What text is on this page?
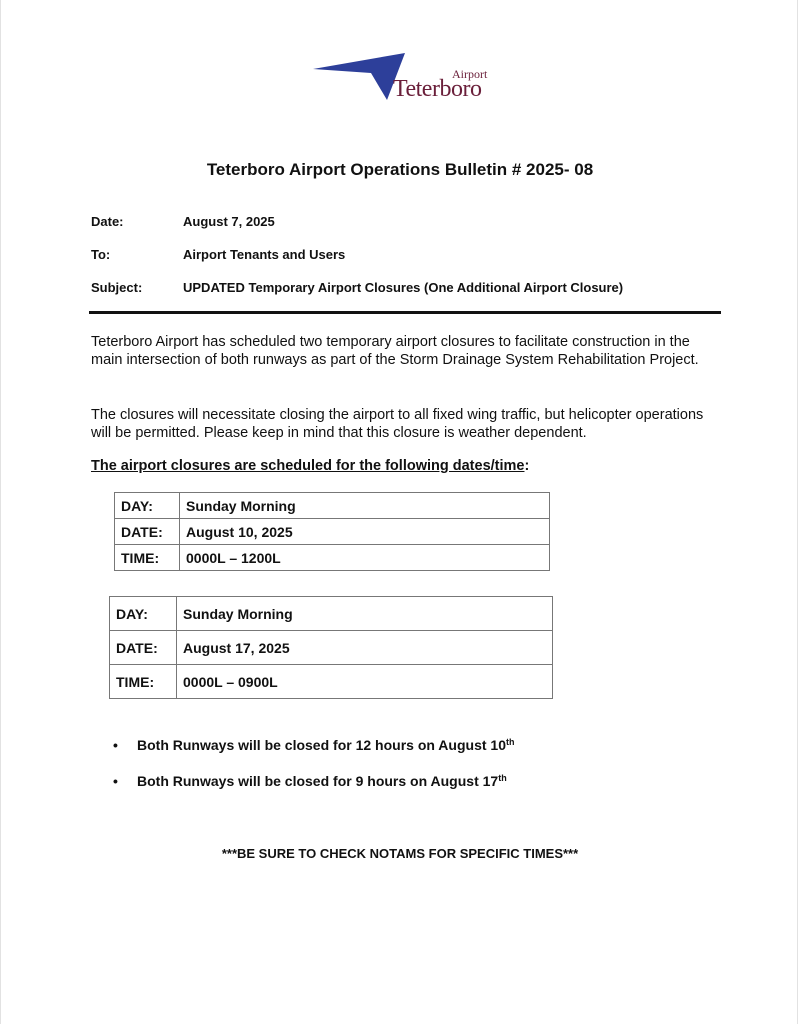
Airport
Teterboro
Teterboro Airport Operations Bulletin # 2025- 08
Date:	August 7, 2025
To:	Airport Tenants and Users
Subject:	UPDATED Temporary Airport Closures (One Additional Airport Closure)

Teterboro Airport has scheduled two temporary airport closures to facilitate construction in the main intersection of both runways as part of the Storm Drainage System Rehabilitation Project.

The closures will necessitate closing the airport to all fixed wing traffic, but helicopter operations will be permitted. Please keep in mind that this closure is weather dependent.

The airport closures are scheduled for the following dates/time:
DAY:	Sunday Morning
DATE:	August 10, 2025
TIME:	0000L – 1200L
DAY:	Sunday Morning
DATE:	August 17, 2025
TIME:	0000L – 0900L
• Both Runways will be closed for 12 hours on August 10th
• Both Runways will be closed for 9 hours on August 17th
***BE SURE TO CHECK NOTAMS FOR SPECIFIC TIMES***
